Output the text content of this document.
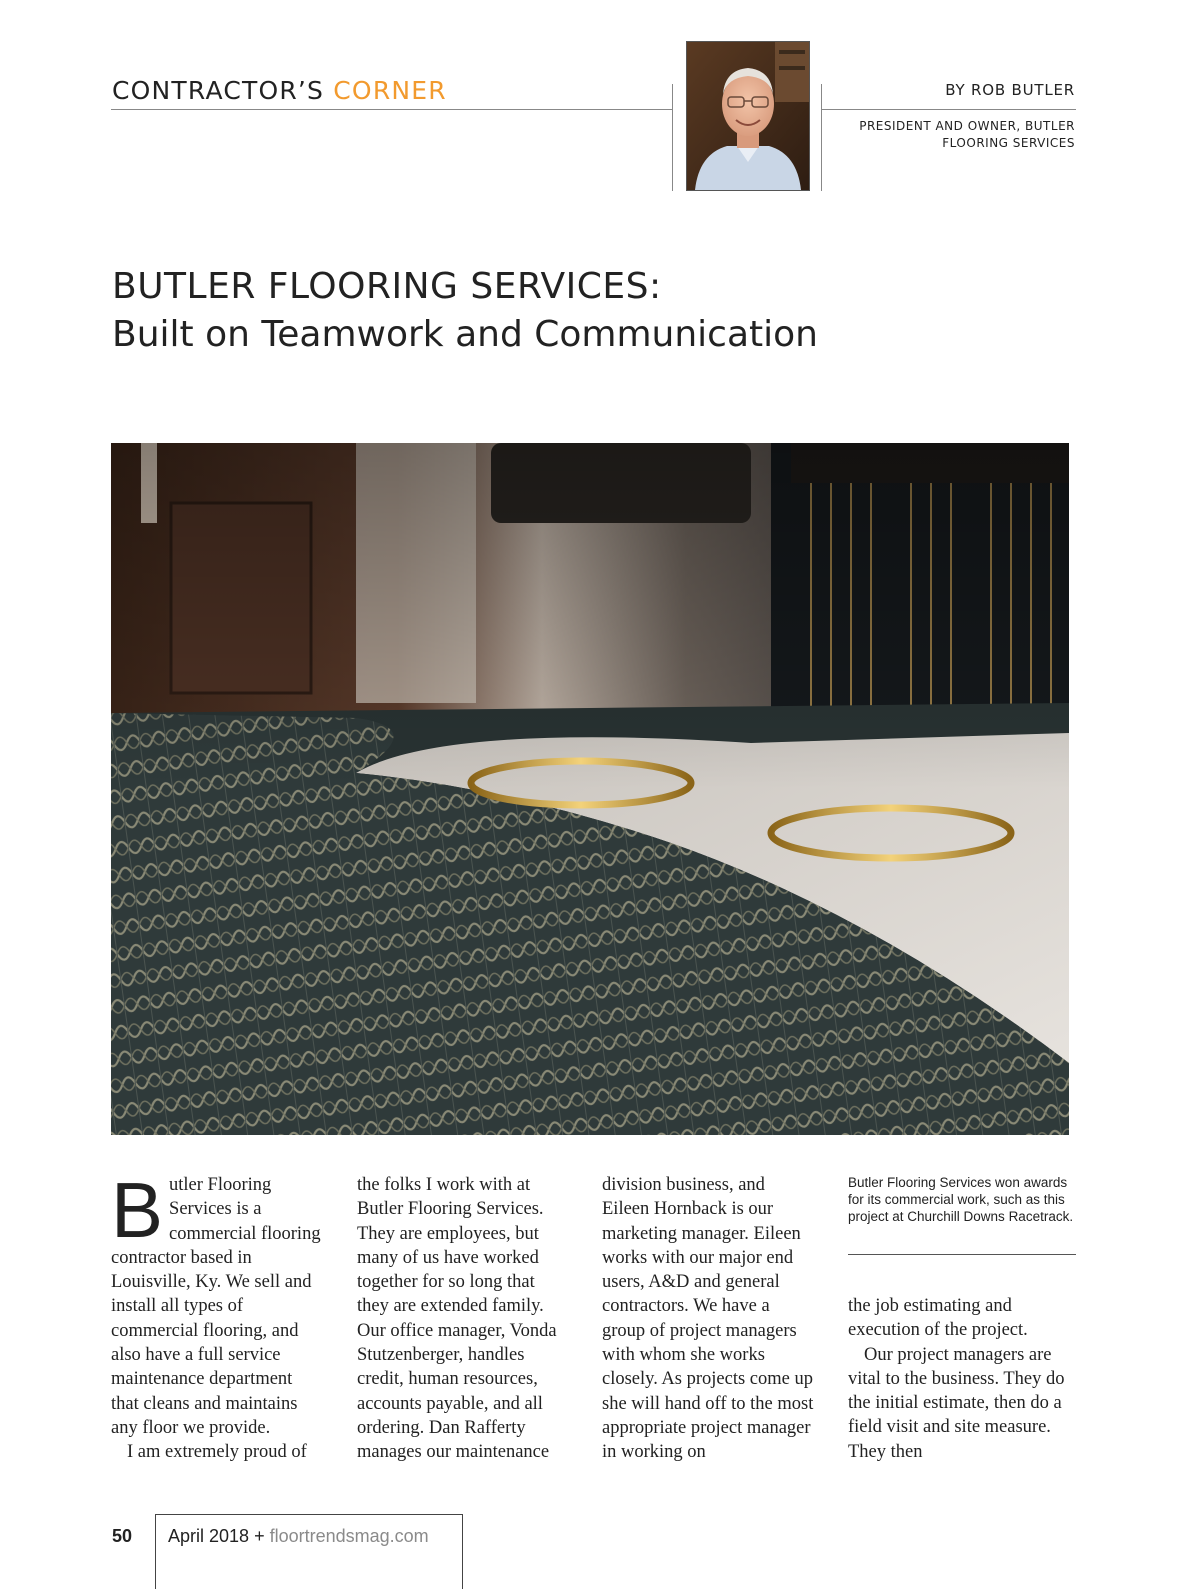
CONTRACTOR’S CORNER	BY ROB BUTLER
PRESIDENT AND OWNER, BUTLER
FLOORING SERVICES
BUTLER FLOORING SERVICES:
Built on Teamwork and Communication
B utler Flooring Services is a commercial flooring contractor based in Louisville, Ky. We sell and install all types of commercial flooring, and also have a full service maintenance department that cleans and maintains any floor we provide.

I am extremely proud of

the folks I work with at Butler Flooring Services. They are employees, but many of us have worked together for so long that they are extended family. Our office manager, Vonda Stutzenberger, handles credit, human resources, accounts payable, and all ordering. Dan Rafferty manages our maintenance

division business, and Eileen Hornback is our marketing manager. Eileen works with our major end users, A&D and general contractors. We have a group of project managers with whom she works closely. As projects come up she will hand off to the most appropriate project manager in working on

Butler Flooring Services won awards for its commercial work, such as this project at Churchill Downs Racetrack.

the job estimating and execution of the project.

Our project managers are vital to the business. They do the initial estimate, then do a field visit and site measure. They then

50 April 2018 + floortrendsmag.com
